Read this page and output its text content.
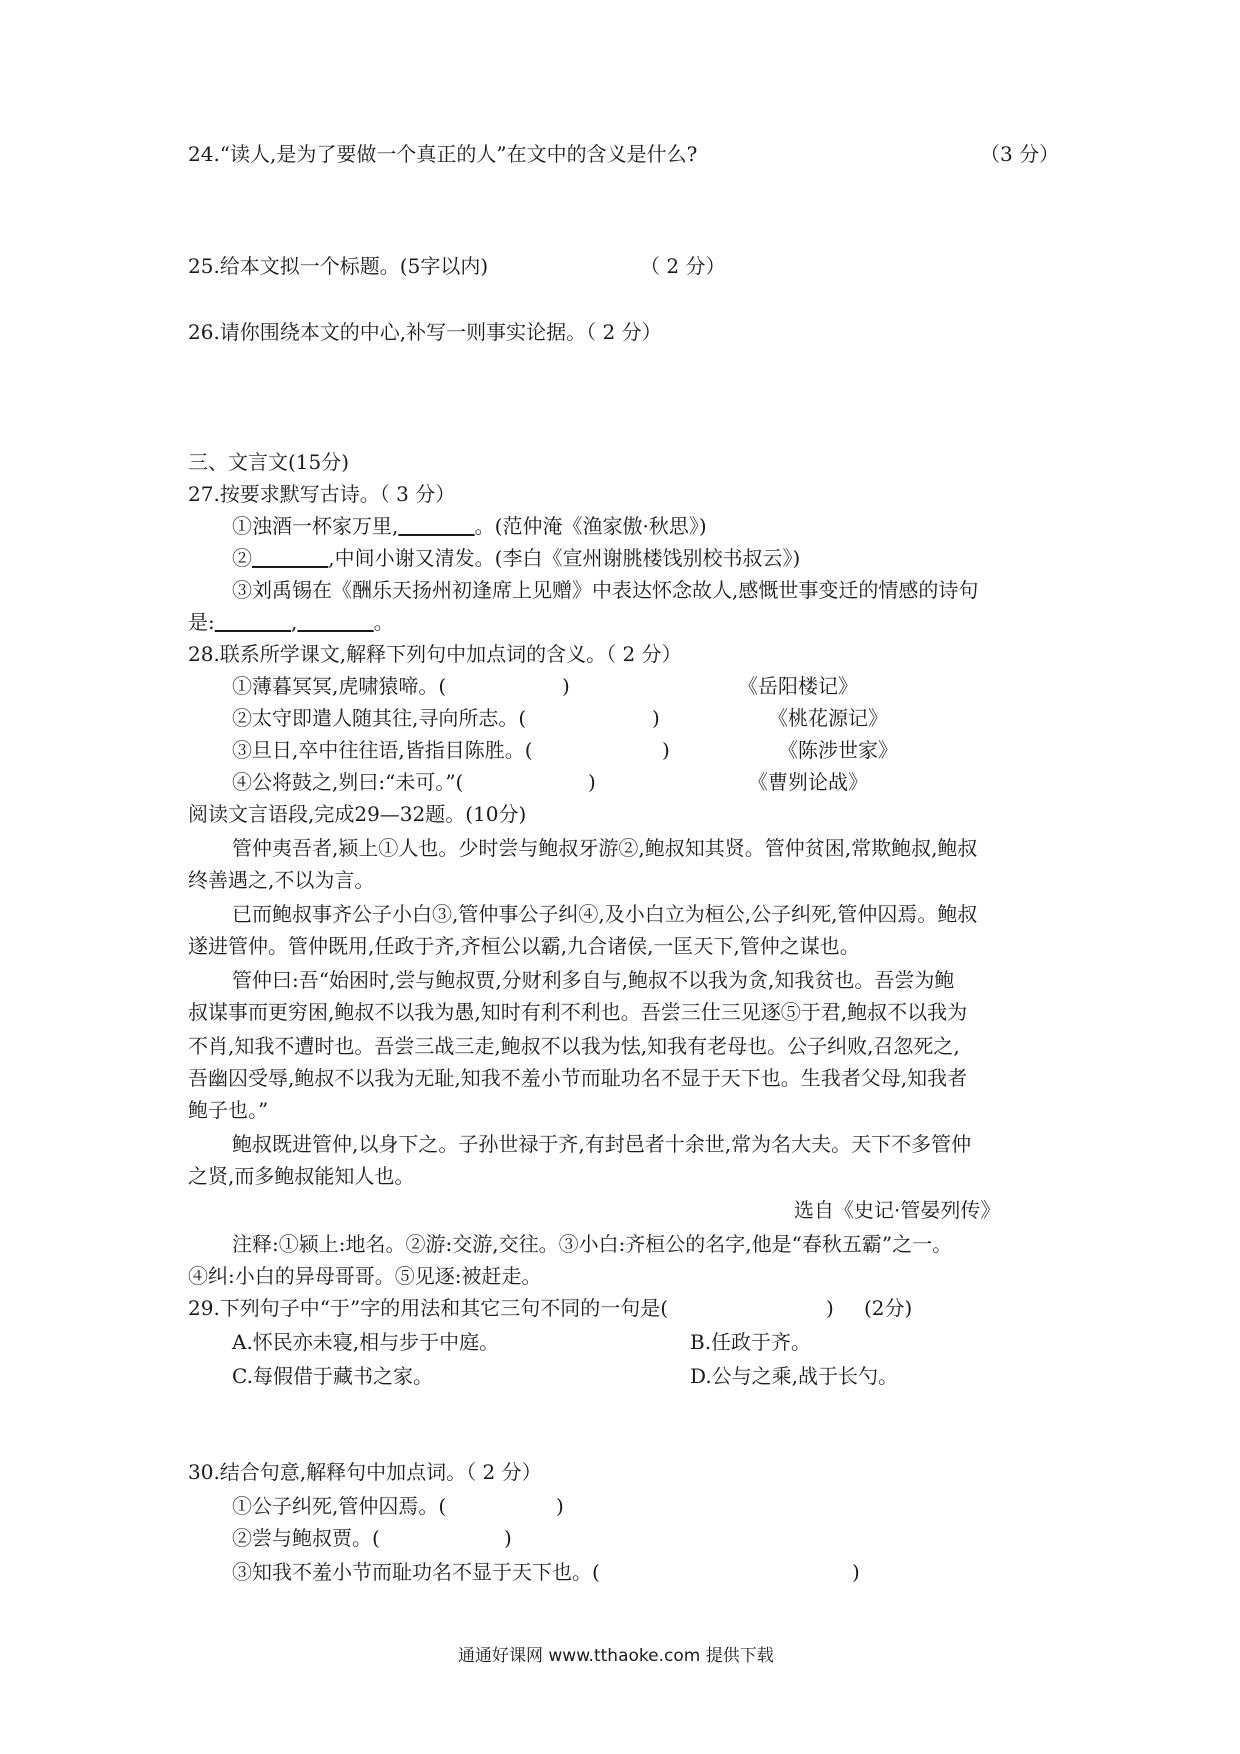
24.“读人,是为了要做一个真正的人”在文中的含义是什么?	（3 分）
25.给本文拟一个标题。(5字以内)	（ 2 分）
26.请你围绕本文的中心,补写一则事实论据。（ 2 分）
三、文言文(15分)
27.按要求默写古诗。（ 3 分）
①浊酒一杯家万里,	。(范仲淹《渔家傲·秋思》)
②	,中间小谢又清发。(李白《宣州谢朓楼饯别校书叔云》)
③刘禹锡在《酬乐天扬州初逢席上见赠》中表达怀念故人,感慨世事变迁的情感的诗句
是:	,	。
28.联系所学课文,解释下列句中加点词的含义。（ 2 分）
①薄暮冥冥,虎啸猿啼。(	)	《岳阳楼记》
②太守即遣人随其往,寻向所志。(	)	《桃花源记》
③旦日,卒中往往语,皆指目陈胜。(	)	《陈涉世家》
④公将鼓之,刿曰:“未可。”(	)	《曹刿论战》
阅读文言语段,完成29—32题。(10分)
管仲夷吾者,颍上①人也。少时尝与鲍叔牙游②,鲍叔知其贤。管仲贫困,常欺鲍叔,鲍叔
终善遇之,不以为言。
已而鲍叔事齐公子小白③,管仲事公子纠④,及小白立为桓公,公子纠死,管仲囚焉。鲍叔
遂进管仲。管仲既用,任政于齐,齐桓公以霸,九合诸侯,一匡天下,管仲之谋也。
管仲曰:吾“始困时,尝与鲍叔贾,分财利多自与,鲍叔不以我为贪,知我贫也。吾尝为鲍
叔谋事而更穷困,鲍叔不以我为愚,知时有利不利也。吾尝三仕三见逐⑤于君,鲍叔不以我为
不肖,知我不遭时也。吾尝三战三走,鲍叔不以我为怯,知我有老母也。公子纠败,召忽死之,
吾幽囚受辱,鲍叔不以我为无耻,知我不羞小节而耻功名不显于天下也。生我者父母,知我者
鲍子也。”
鲍叔既进管仲,以身下之。子孙世禄于齐,有封邑者十余世,常为名大夫。天下不多管仲
之贤,而多鲍叔能知人也。
选自《史记·管晏列传》
注释:①颍上:地名。②游:交游,交往。③小白:齐桓公的名字,他是“春秋五霸”之一。
④纠:小白的异母哥哥。⑤见逐:被赶走。
29.下列句子中“于”字的用法和其它三句不同的一句是(	) (2分)
A.怀民亦未寝,相与步于中庭。	B.任政于齐。
C.每假借于藏书之家。	D.公与之乘,战于长勺。
30.结合句意,解释句中加点词。（ 2 分）
①公子纠死,管仲囚焉。(	)
②尝与鲍叔贾。(	)
③知我不羞小节而耻功名不显于天下也。(	)
通通好课网 www.tthaoke.com 提供下载
